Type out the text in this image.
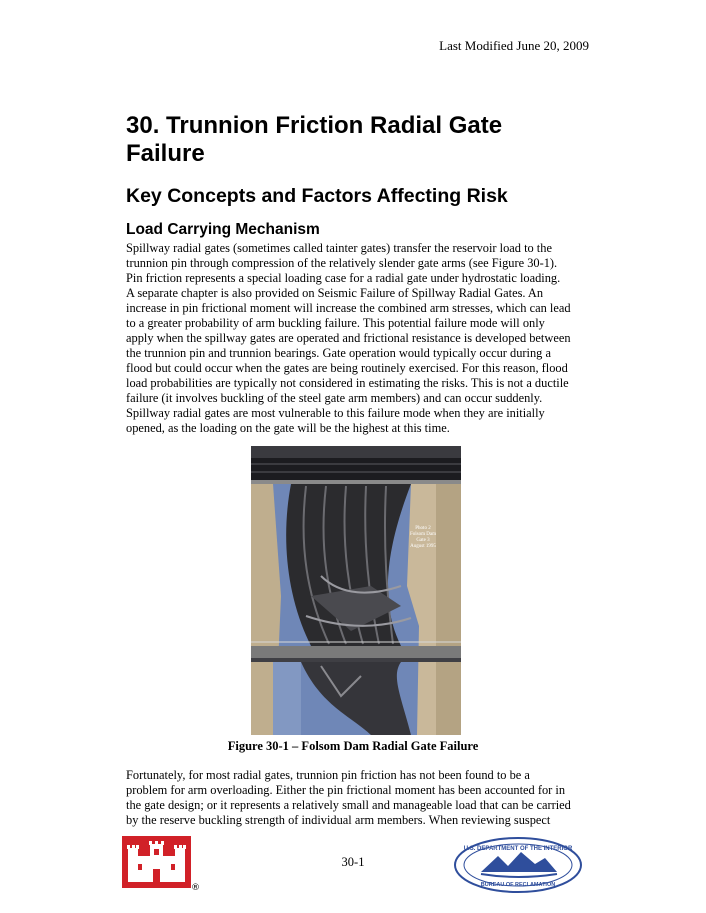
Last Modified June 20, 2009
30. Trunnion Friction Radial Gate
Failure
Key Concepts and Factors Affecting Risk
Load Carrying Mechanism

Spillway radial gates (sometimes called tainter gates) transfer the reservoir load to the
trunnion pin through compression of the relatively slender gate arms (see Figure 30-1).
Pin friction represents a special loading case for a radial gate under hydrostatic loading.
A separate chapter is also provided on Seismic Failure of Spillway Radial Gates. An
increase in pin frictional moment will increase the combined arm stresses, which can lead
to a greater probability of arm buckling failure. This potential failure mode will only
apply when the spillway gates are operated and frictional resistance is developed between
the trunnion pin and trunnion bearings. Gate operation would typically occur during a
flood but could occur when the gates are being routinely exercised. For this reason, flood
load probabilities are typically not considered in estimating the risks. This is not a ductile
failure (it involves buckling of the steel gate arm members) and can occur suddenly.
Spillway radial gates are most vulnerable to this failure mode when they are initially
opened, as the loading on the gate will be the highest at this time.

Photo 2
Folsom Dam
Gate 3
August 1995

Figure 30-1 – Folsom Dam Radial Gate Failure

Fortunately, for most radial gates, trunnion pin friction has not been found to be a
problem for arm overloading. Either the pin frictional moment has been accounted for in
the gate design; or it represents a relatively small and manageable load that can be carried
by the reserve buckling strength of individual arm members. When reviewing suspect

®
30-1
U.S. DEPARTMENT OF THE INTERIOR
BUREAU OF RECLAMATION
